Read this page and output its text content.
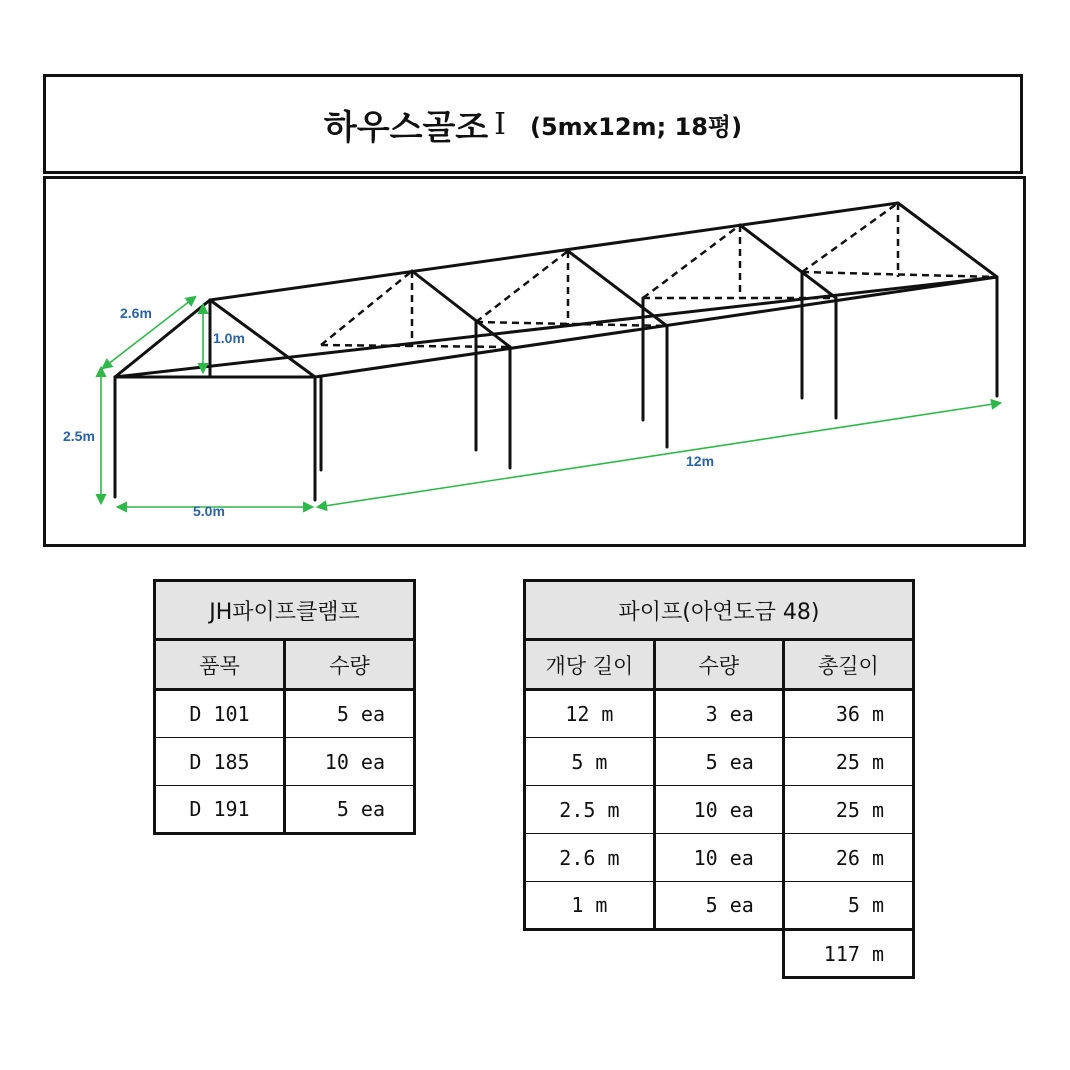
하우스골조 Ⅰ (5mx12m; 18평)
2.6m
1.0m
2.5m
5.0m
12m
JH파이프클램프	
품목	수량
D 101	5 ea
D 185	10 ea
D 191	5 ea
파이프(아연도금 48)		
개당 길이	수량	총길이
12 m	3 ea	36 m
5 m	5 ea	25 m
2.5 m	10 ea	25 m
2.6 m	10 ea	26 m
1 m	5 ea	5 m
		117 m
